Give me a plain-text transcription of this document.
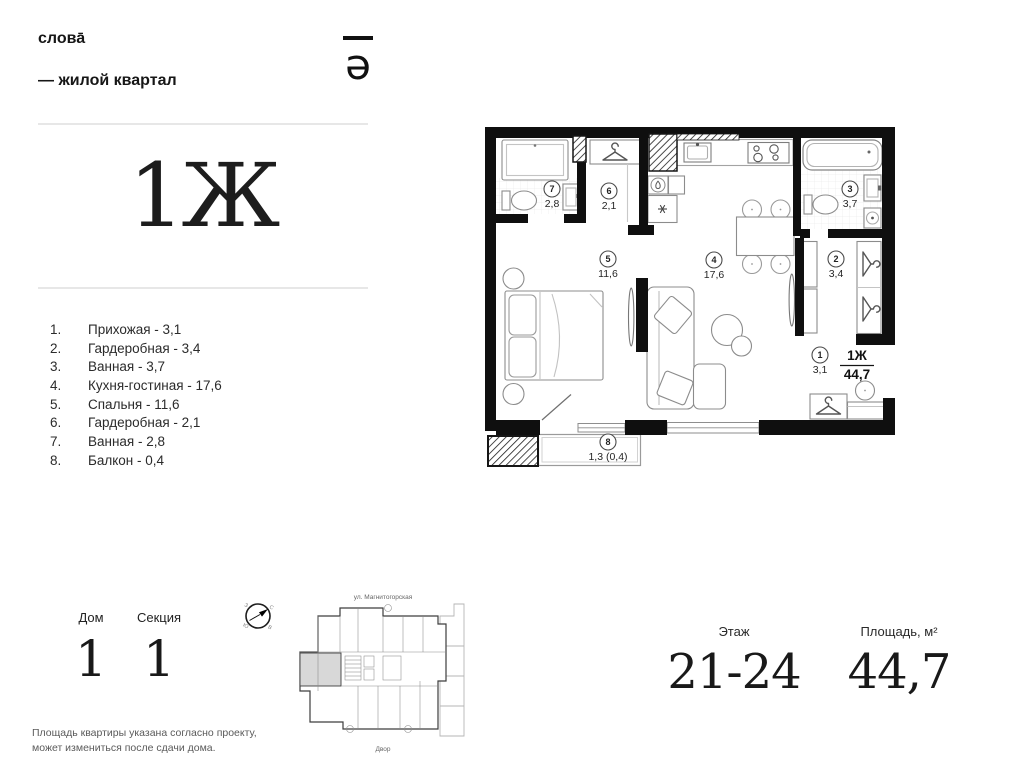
слова̄

— жилой квартал	ə
1Ж
1.	Прихожая - 3,1
2.	Гардеробная - 3,4
3.	Ванная - 3,7
4.	Кухня-гостиная - 17,6
5.	Спальня - 11,6
6.	Гардеробная - 2,1
7.	Ванная - 2,8
8.	Балкон - 0,4
7
2,8
6
2,1
5
11,6
4
17,6
3
3,7
2
3,4
1
3,1
8
1,3 (0,4)
1Ж
44,7
Дом
1
Секция
1
Площадь квартиры указана согласно проекту,
может измениться после сдачи дома.
С
В
Ю
З
ул. Магнитогорская
Двор
Этаж
21-24
Площадь, м²
44,7
